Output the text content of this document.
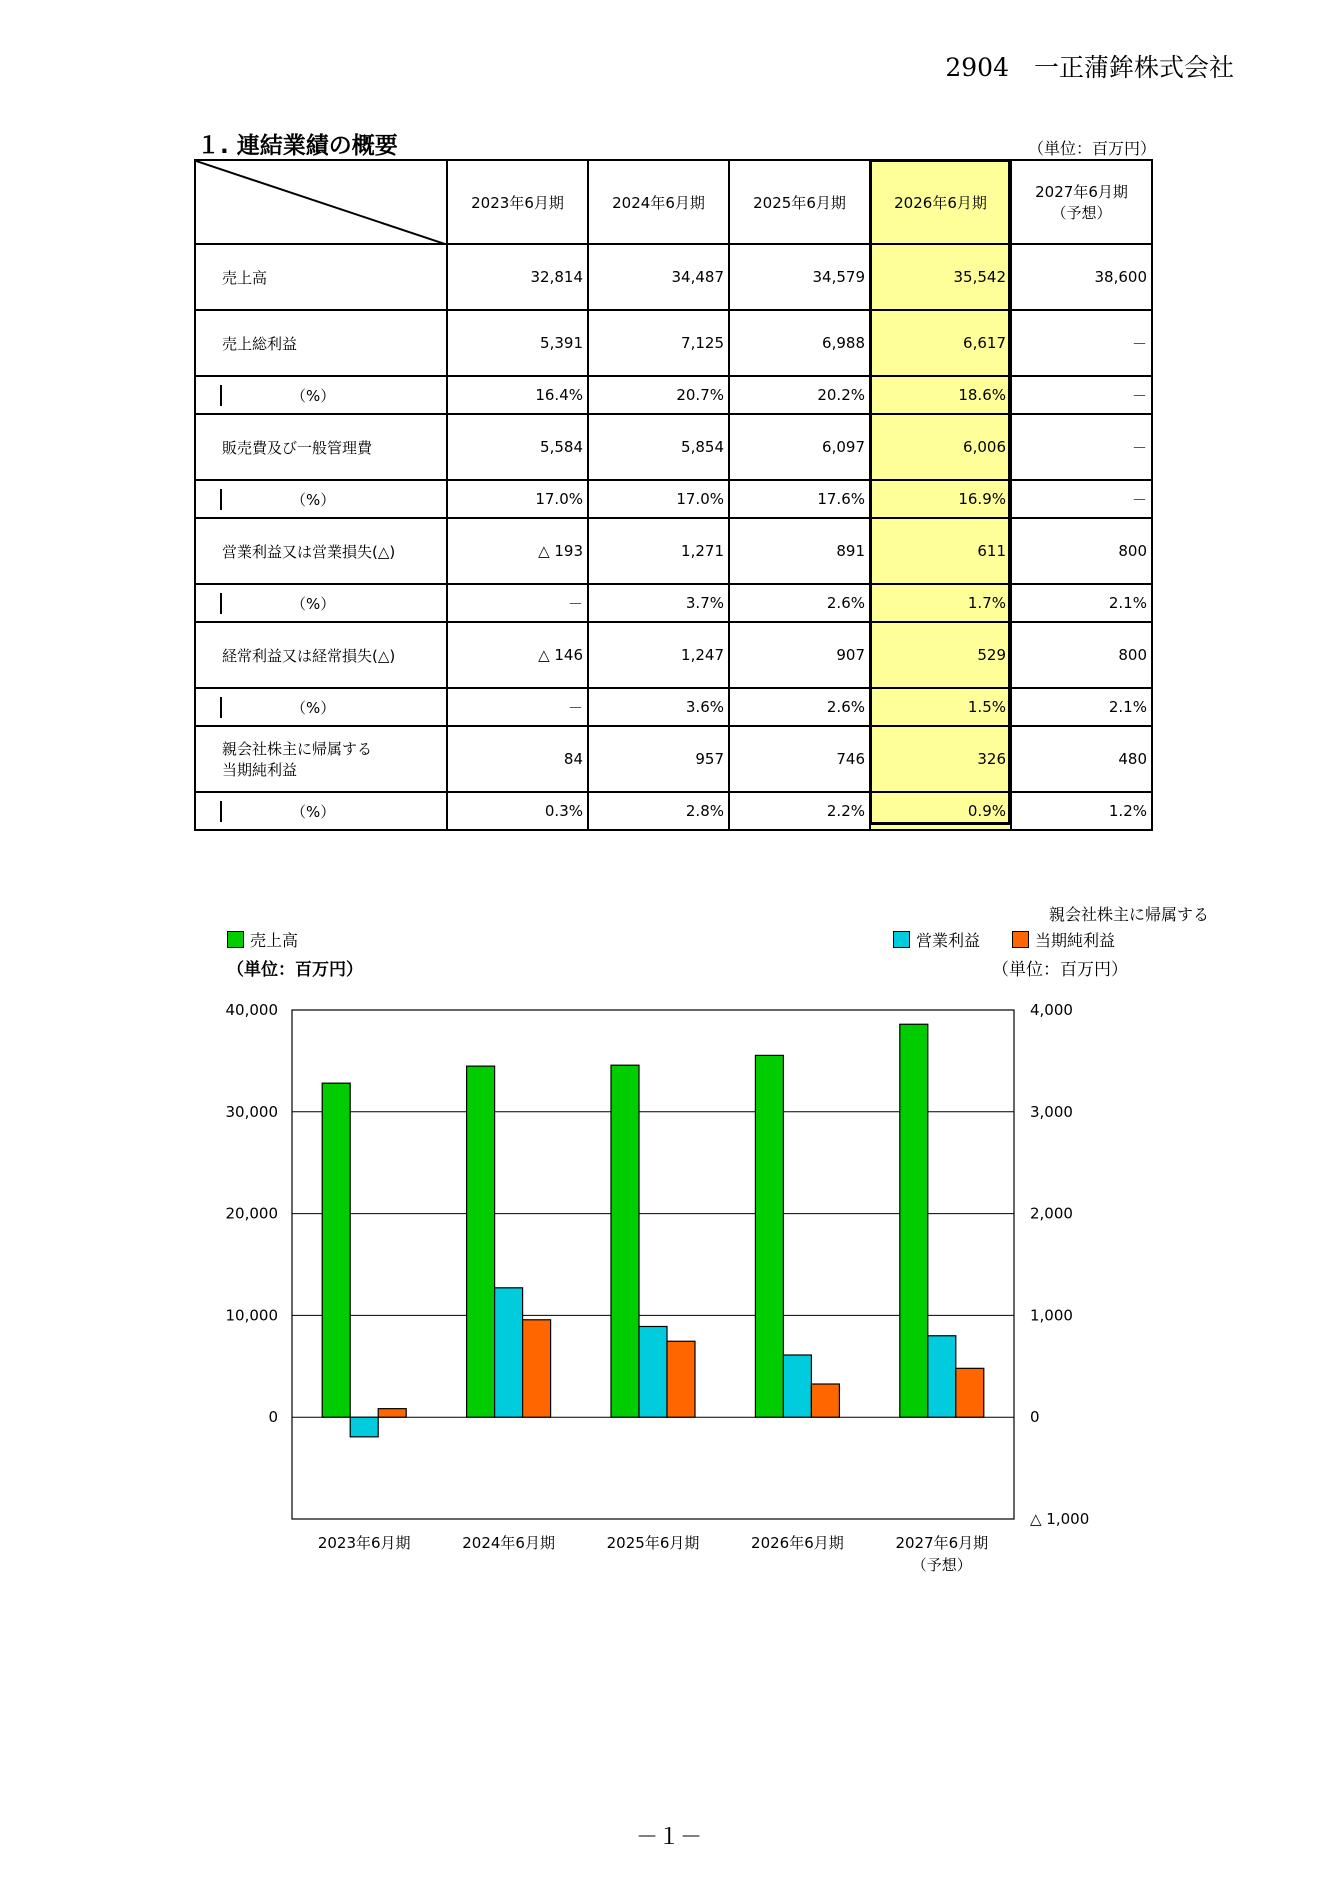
2904　一正蒲鉾株式会社
１. 連結業績の概要	（単位：百万円）
	2023年6月期	2024年6月期	2025年6月期	2026年6月期	2027年6月期
（予想）

売上高	32,814	34,487	34,579	35,542	38,600

売上総利益	5,391	7,125	6,988	6,617	－

（%）	16.4%	20.7%	20.2%	18.6%	－

販売費及び一般管理費	5,584	5,854	6,097	6,006	－

（%）	17.0%	17.0%	17.6%	16.9%	－

営業利益又は営業損失(△)	△ 193	1,271	891	611	800

（%）	－	3.7%	2.6%	1.7%	2.1%

経常利益又は経常損失(△)	△ 146	1,247	907	529	800

（%）	－	3.6%	2.6%	1.5%	2.1%

親会社株主に帰属する
当期純利益	84	957	746	326	480

（%）	0.3%	2.8%	2.2%	0.9%	1.2%
売上高
（単位：百万円）
営業利益
親会社株主に帰属する
当期純利益
（単位：百万円）
0
10,000
20,000
30,000
40,000
△ 1,000
0
1,000
2,000
3,000
4,000
2023年6月期	2024年6月期	2025年6月期	2026年6月期	2027年6月期
（予想）
－１－
